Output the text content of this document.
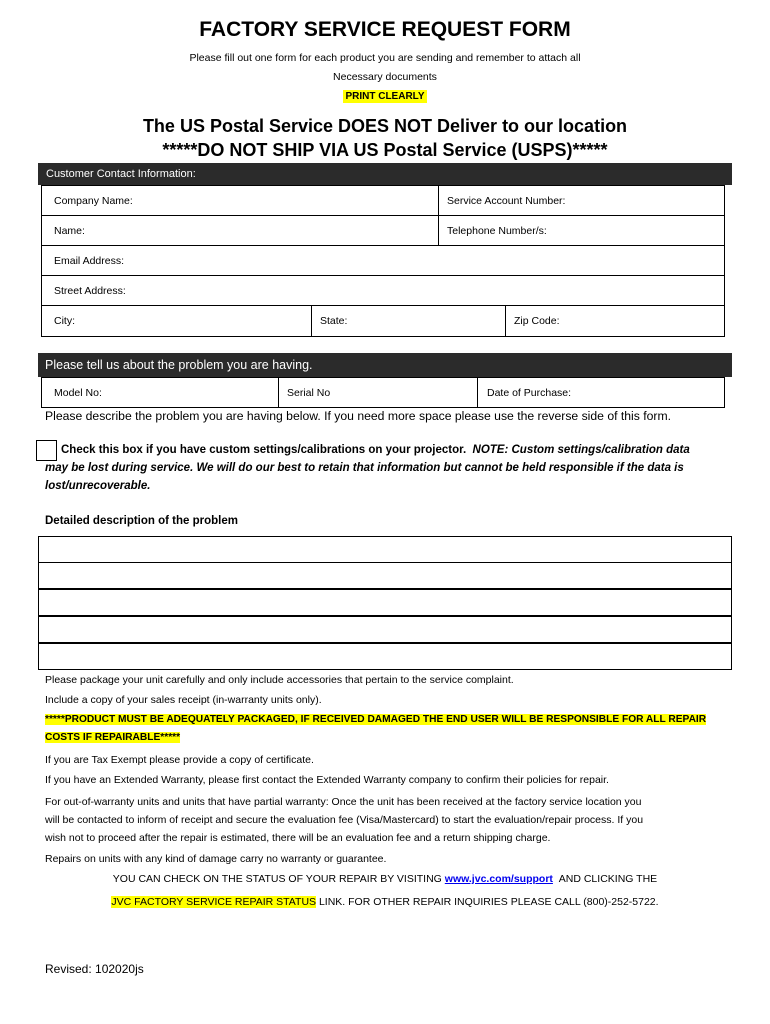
FACTORY SERVICE REQUEST FORM
Please fill out one form for each product you are sending and remember to attach all
Necessary documents
PRINT CLEARLY
The US Postal Service DOES NOT Deliver to our location
*****DO NOT SHIP VIA US Postal Service (USPS)*****
Customer Contact Information:
Company Name:	Service Account Number:
Name:	Telephone Number/s:
Email Address:
Street Address:
City:	State:	Zip Code:
Please tell us about the problem you are having.
Model No:	Serial No	Date of Purchase:
Please describe the problem you are having below. If you need more space please use the reverse side of this form.
Check this box if you have custom settings/calibrations on your projector. NOTE: Custom settings/calibration data
may be lost during service. We will do our best to retain that information but cannot be held responsible if the data is
lost/unrecoverable.
Detailed description of the problem
Please package your unit carefully and only include accessories that pertain to the service complaint.
Include a copy of your sales receipt (in-warranty units only).
*****PRODUCT MUST BE ADEQUATELY PACKAGED, IF RECEIVED DAMAGED THE END USER WILL BE RESPONSIBLE FOR ALL REPAIR
COSTS IF REPAIRABLE*****
If you are Tax Exempt please provide a copy of certificate.
If you have an Extended Warranty, please first contact the Extended Warranty company to confirm their policies for repair.
For out-of-warranty units and units that have partial warranty: Once the unit has been received at the factory service location you
will be contacted to inform of receipt and secure the evaluation fee (Visa/Mastercard) to start the evaluation/repair process. If you
wish not to proceed after the repair is estimated, there will be an evaluation fee and a return shipping charge.
Repairs on units with any kind of damage carry no warranty or guarantee.
YOU CAN CHECK ON THE STATUS OF YOUR REPAIR BY VISITING www.jvc.com/support AND CLICKING THE
JVC FACTORY SERVICE REPAIR STATUS LINK. FOR OTHER REPAIR INQUIRIES PLEASE CALL (800)-252-5722.
Revised: 102020js
